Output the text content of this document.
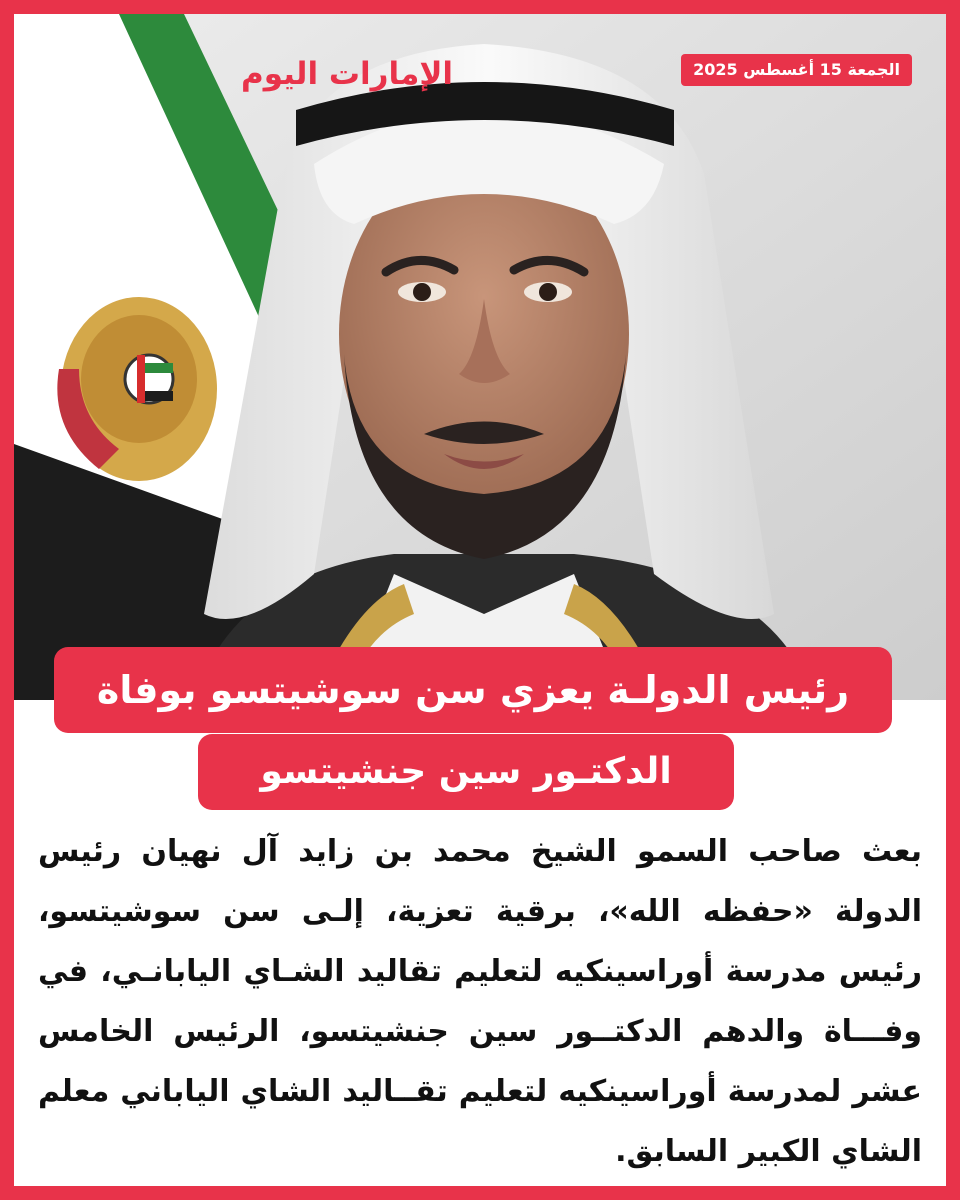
الإمارات اليوم	الجمعة 15 أغسطس 2025
رئيس الدولـة يعزي سن سوشيتسو بوفاة
الدكتـور سين جنشيتسو
بعث صاحب السمو الشيخ محمد بن زايد آل نهيان رئيس الدولة «حفظه الله»، برقية تعزية، إلـى سن سوشيتسو، رئيس مدرسة أوراسينكيه لتعليم تقاليد الشـاي اليابانـي، في وفـــاة والدهم الدكتــور سين جنشيتسو، الرئيس الخامس عشر لمدرسة أوراسينكيه لتعليم تقــاليد الشاي الياباني معلم الشاي الكبير السابق.
